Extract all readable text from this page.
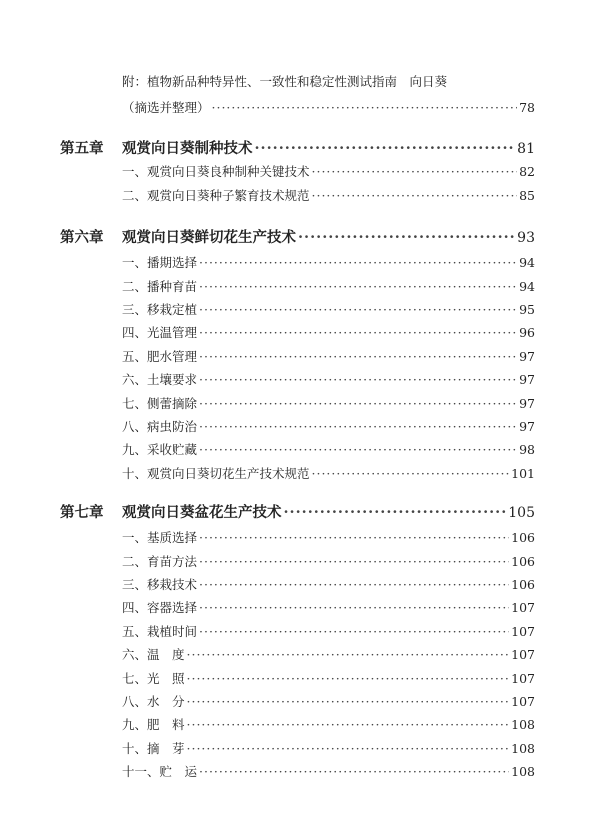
附：植物新品种特异性、一致性和稳定性测试指南　向日葵
（摘选并整理） ·····	78
第五章	观赏向日葵制种技术 ·····	81
一、观赏向日葵良种制种关键技术 ·····	82
二、观赏向日葵种子繁育技术规范 ·····	85
第六章	观赏向日葵鲜切花生产技术 ·····	93
一、播期选择 ·····	94
二、播种育苗 ·····	94
三、移栽定植 ·····	95
四、光温管理 ·····	96
五、肥水管理 ·····	97
六、土壤要求 ·····	97
七、侧蕾摘除 ·····	97
八、病虫防治 ·····	97
九、采收贮藏 ·····	98
十、观赏向日葵切花生产技术规范 ·····	101
第七章	观赏向日葵盆花生产技术 ·····	105
一、基质选择 ·····	106
二、育苗方法 ·····	106
三、移栽技术 ·····	106
四、容器选择 ·····	107
五、栽植时间 ·····	107
六、温　度 ·····	107
七、光　照 ·····	107
八、水　分 ·····	107
九、肥　料 ·····	108
十、摘　芽 ·····	108
十一、贮　运 ·····	108
